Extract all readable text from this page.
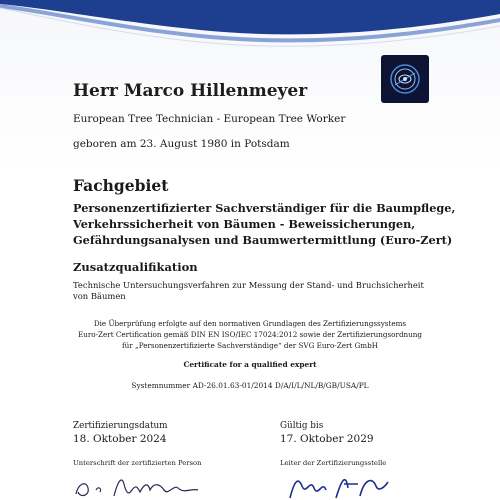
Herr Marco Hillenmeyer
European Tree Technician - European Tree Worker
geboren am 23. August 1980 in Potsdam
Fachgebiet
Personenzertifizierter Sachverständiger für die Baumpflege,
Verkehrssicherheit von Bäumen - Beweissicherungen,
Gefährdungsanalysen und Baumwertermittlung (Euro-Zert)
Zusatzqualifikation
Technische Untersuchungsverfahren zur Messung der Stand- und Bruchsicherheit
von Bäumen
Die Überprüfung erfolgte auf den normativen Grundlagen des Zertifizierungssystems
Euro-Zert Certification gemäß DIN EN ISO/IEC 17024:2012 sowie der Zertifizierungsordnung
für „Personenzertifizierte Sachverständige“ der SVG Euro-Zert GmbH
Certificate for a qualified expert
Systemnummer AD-26.01.63-01/2014 D/A/I/L/NL/B/GB/USA/PL
Zertifizierungsdatum
18. Oktober 2024
Gültig bis
17. Oktober 2029
Unterschrift der zertifizierten Person	Leiter der Zertifizierungsstelle
